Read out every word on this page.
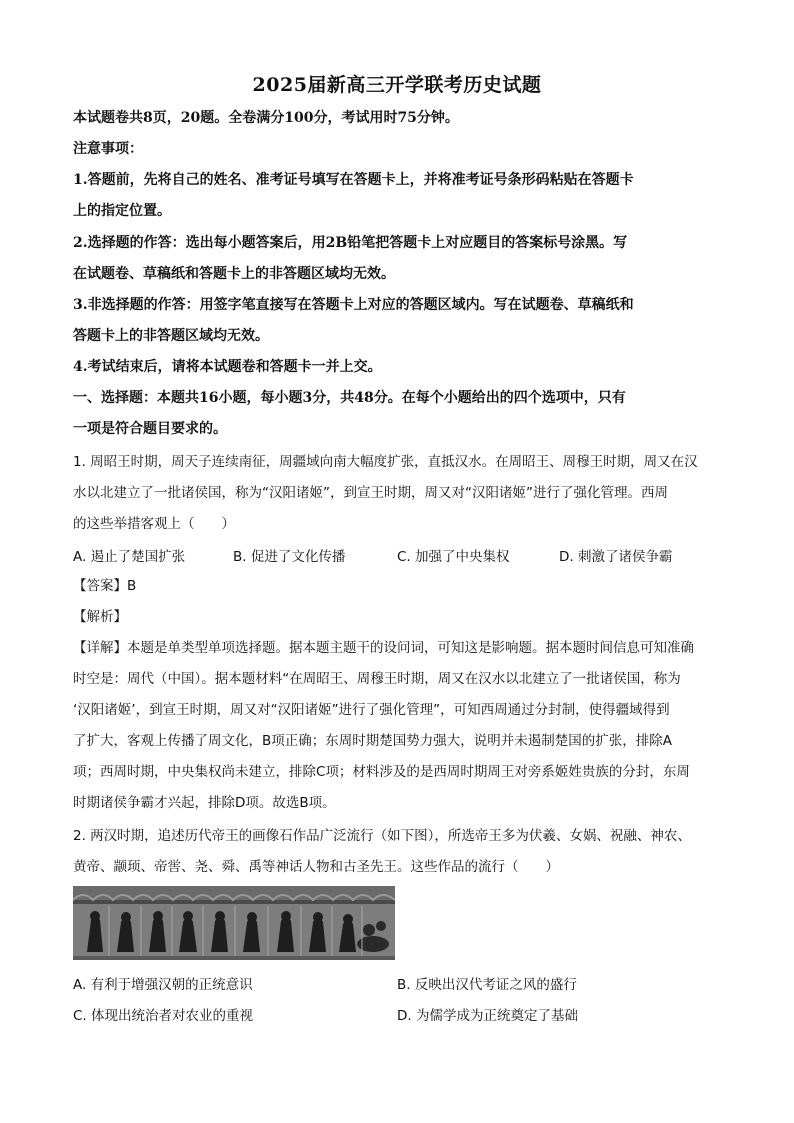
2025届新高三开学联考历史试题
本试题卷共8页，20题。全卷满分100分，考试用时75分钟。
注意事项：
1.答题前，先将自己的姓名、准考证号填写在答题卡上，并将准考证号条形码粘贴在答题卡
上的指定位置。
2.选择题的作答：选出每小题答案后，用2B铅笔把答题卡上对应题目的答案标号涂黑。写
在试题卷、草稿纸和答题卡上的非答题区域均无效。
3.非选择题的作答：用签字笔直接写在答题卡上对应的答题区域内。写在试题卷、草稿纸和
答题卡上的非答题区域均无效。
4.考试结束后，请将本试题卷和答题卡一并上交。
一、选择题：本题共16小题，每小题3分，共48分。在每个小题给出的四个选项中，只有
一项是符合题目要求的。
1. 周昭王时期，周天子连续南征，周疆域向南大幅度扩张，直抵汉水。在周昭王、周穆王时期，周又在汉
水以北建立了一批诸侯国，称为“汉阳诸姬”，到宣王时期，周又对“汉阳诸姬”进行了强化管理。西周
的这些举措客观上（　　）
A. 遏止了楚国扩张	B. 促进了文化传播	C. 加强了中央集权	D. 刺激了诸侯争霸
【答案】B
【解析】
【详解】本题是单类型单项选择题。据本题主题干的设问词，可知这是影响题。据本题时间信息可知准确
时空是：周代（中国）。据本题材料“在周昭王、周穆王时期，周又在汉水以北建立了一批诸侯国，称为
‘汉阳诸姬’，到宣王时期，周又对“汉阳诸姬”进行了强化管理”，可知西周通过分封制，使得疆域得到
了扩大，客观上传播了周文化，B项正确；东周时期楚国势力强大，说明并未遏制楚国的扩张，排除A
项；西周时期，中央集权尚未建立，排除C项；材料涉及的是西周时期周王对旁系姬姓贵族的分封，东周
时期诸侯争霸才兴起，排除D项。故选B项。
2. 两汉时期，追述历代帝王的画像石作品广泛流行（如下图），所选帝王多为伏羲、女娲、祝融、神农、
黄帝、颛顼、帝喾、尧、舜、禹等神话人物和古圣先王。这些作品的流行（　　）
A. 有利于增强汉朝的正统意识	B. 反映出汉代考证之风的盛行
C. 体现出统治者对农业的重视	D. 为儒学成为正统奠定了基础
